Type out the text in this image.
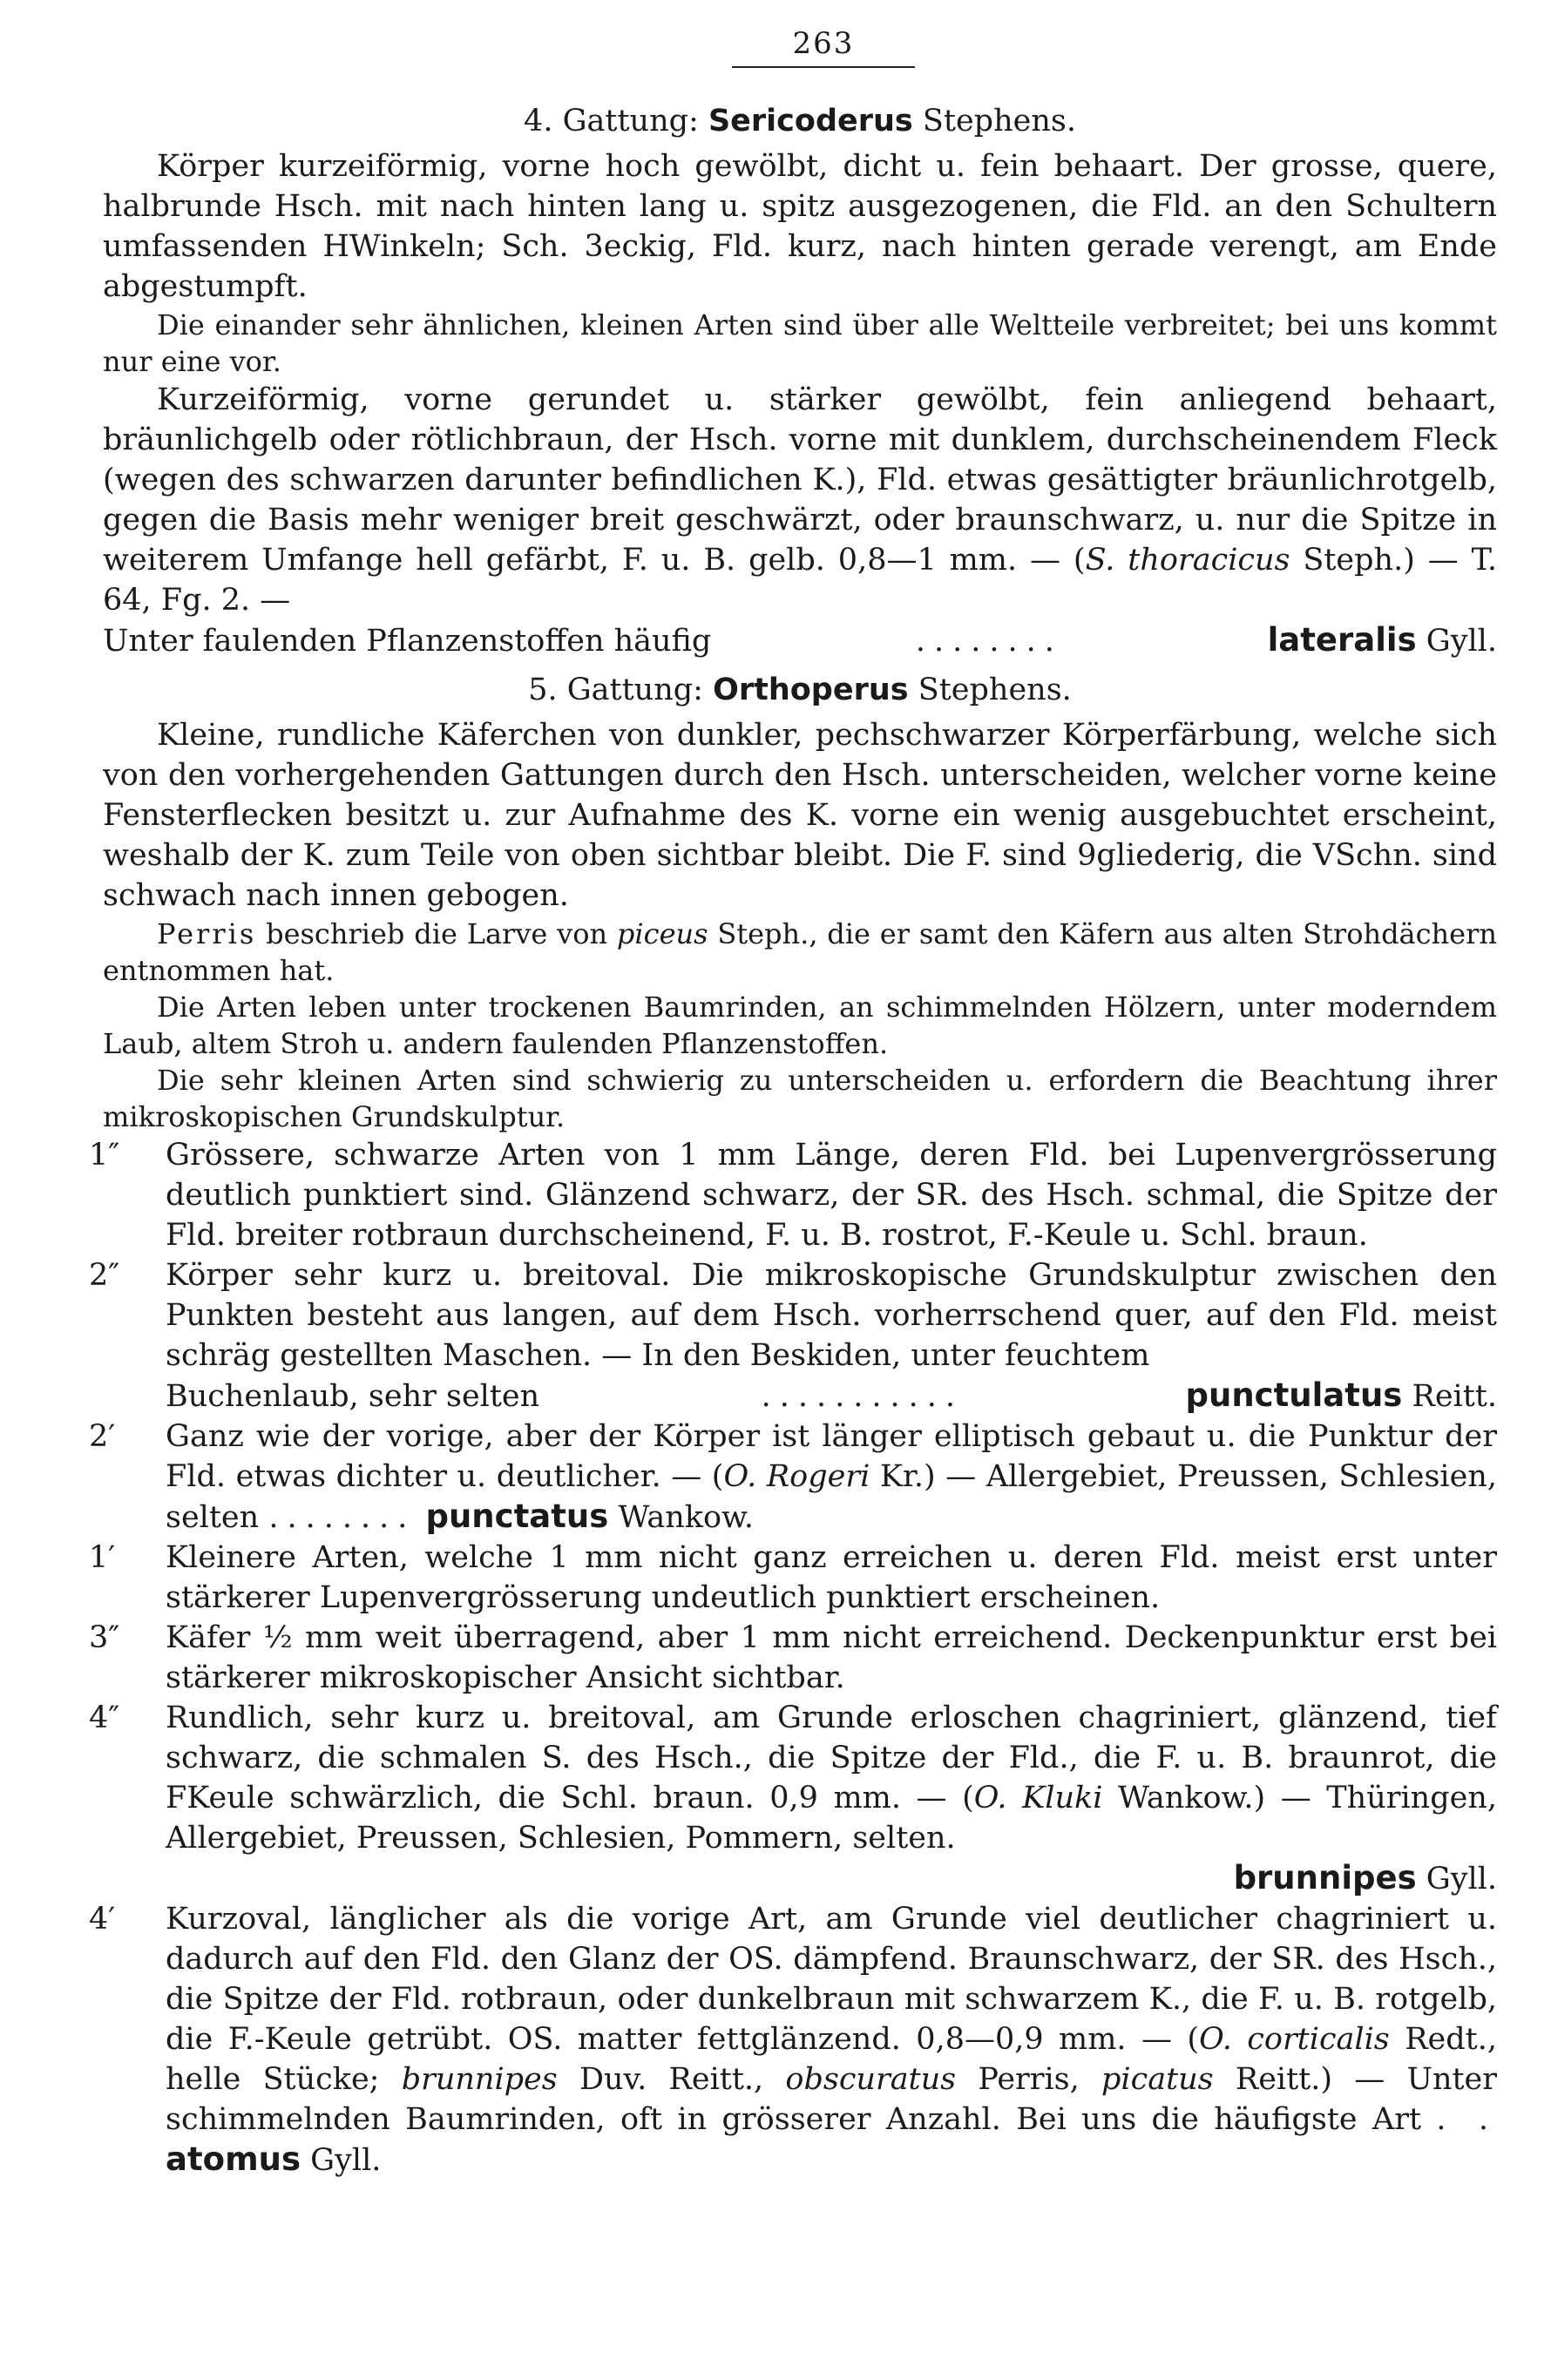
263

4. Gattung: Sericoderus Stephens.

Körper kurzeiförmig, vorne hoch gewölbt, dicht u. fein behaart. Der grosse, quere, halbrunde Hsch. mit nach hinten lang u. spitz ausgezogenen, die Fld. an den Schultern umfassenden HWinkeln; Sch. 3eckig, Fld. kurz, nach hinten gerade verengt, am Ende abgestumpft.

Die einander sehr ähnlichen, kleinen Arten sind über alle Weltteile verbreitet; bei uns kommt nur eine vor.

Kurzeiförmig, vorne gerundet u. stärker gewölbt, fein anliegend behaart, bräunlichgelb oder rötlichbraun, der Hsch. vorne mit dunklem, durchscheinendem Fleck (wegen des schwarzen darunter befindlichen K.), Fld. etwas gesättigter bräunlichrotgelb, gegen die Basis mehr weniger breit geschwärzt, oder braunschwarz, u. nur die Spitze in weiterem Umfange hell gefärbt, F. u. B. gelb. 0,8—1 mm. — (S. thoracicus Steph.) — T. 64, Fg. 2. —

Unter faulenden Pflanzenstoffen häufig	........	lateralis Gyll.

5. Gattung: Orthoperus Stephens.

Kleine, rundliche Käferchen von dunkler, pechschwarzer Körperfärbung, welche sich von den vorhergehenden Gattungen durch den Hsch. unterscheiden, welcher vorne keine Fensterflecken besitzt u. zur Aufnahme des K. vorne ein wenig ausgebuchtet erscheint, weshalb der K. zum Teile von oben sichtbar bleibt. Die F. sind 9gliederig, die VSchn. sind schwach nach innen gebogen.

Perris beschrieb die Larve von piceus Steph., die er samt den Käfern aus alten Strohdächern entnommen hat.

Die Arten leben unter trockenen Baumrinden, an schimmelnden Hölzern, unter moderndem Laub, altem Stroh u. andern faulenden Pflanzenstoffen.

Die sehr kleinen Arten sind schwierig zu unterscheiden u. erfordern die Beachtung ihrer mikroskopischen Grundskulptur.

1″	Grössere, schwarze Arten von 1 mm Länge, deren Fld. bei Lupenvergrösserung deutlich punktiert sind. Glänzend schwarz, der SR. des Hsch. schmal, die Spitze der Fld. breiter rotbraun durchscheinend, F. u. B. rostrot, F.-Keule u. Schl. braun.

2″	Körper sehr kurz u. breitoval. Die mikroskopische Grundskulptur zwischen den Punkten besteht aus langen, auf dem Hsch. vorherrschend quer, auf den Fld. meist schräg gestellten Maschen. — In den Beskiden, unter feuchtem

Buchenlaub, sehr selten	...........	punctulatus Reitt.
2′	Ganz wie der vorige, aber der Körper ist länger elliptisch gebaut u. die Punktur der Fld. etwas dichter u. deutlicher. — (O. Rogeri Kr.) — Allergebiet, Preussen, Schlesien, selten ........ punctatus Wankow.

1′	Kleinere Arten, welche 1 mm nicht ganz erreichen u. deren Fld. meist erst unter stärkerer Lupenvergrösserung undeutlich punktiert erscheinen.

3″	Käfer ½ mm weit überragend, aber 1 mm nicht erreichend. Deckenpunktur erst bei stärkerer mikroskopischer Ansicht sichtbar.

4″	Rundlich, sehr kurz u. breitoval, am Grunde erloschen chagriniert, glänzend, tief schwarz, die schmalen S. des Hsch., die Spitze der Fld., die F. u. B. braunrot, die FKeule schwärzlich, die Schl. braun. 0,9 mm. — (O. Kluki Wankow.) — Thüringen, Allergebiet, Preussen, Schlesien, Pommern, selten.

brunnipes Gyll.

4′	Kurzoval, länglicher als die vorige Art, am Grunde viel deutlicher chagriniert u. dadurch auf den Fld. den Glanz der OS. dämpfend. Braunschwarz, der SR. des Hsch., die Spitze der Fld. rotbraun, oder dunkelbraun mit schwarzem K., die F. u. B. rotgelb, die F.-Keule getrübt. OS. matter fettglänzend. 0,8—0,9 mm. — (O. corticalis Redt., helle Stücke; brunnipes Duv. Reitt., obscuratus Perris, picatus Reitt.) — Unter schimmelnden Baumrinden, oft in grösserer Anzahl. Bei uns die häufigste Art . . atomus Gyll.
